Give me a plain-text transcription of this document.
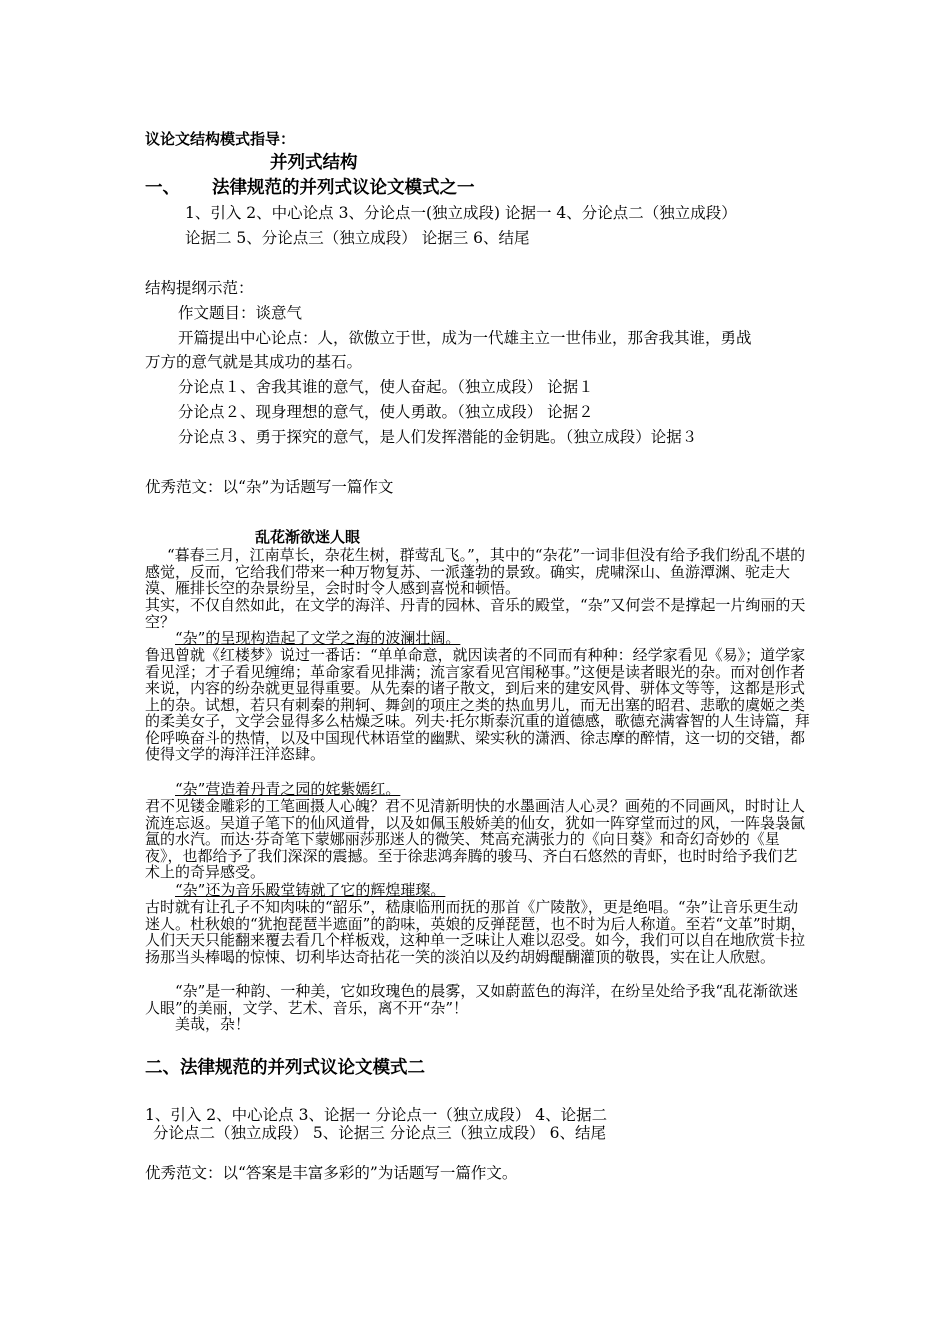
议论文结构模式指导：
并列式结构
一、 法律规范的并列式议论文模式之一
1、引入 2、中心论点 3、分论点一(独立成段) 论据一 4、分论点二（独立成段）
论据二 5、分论点三（独立成段） 论据三 6、结尾
结构提纲示范：
作文题目：谈意气
开篇提出中心论点：人，欲傲立于世，成为一代雄主立一世伟业，那舍我其谁，勇战
万方的意气就是其成功的基石。
分论点１、舍我其谁的意气，使人奋起。（独立成段） 论据１
分论点２、现身理想的意气，使人勇敢。（独立成段） 论据２
分论点３、勇于探究的意气，是人们发挥潜能的金钥匙。（独立成段）论据３
优秀范文：以“杂”为话题写一篇作文
乱花渐欲迷人眼
“暮春三月，江南草长，杂花生树，群莺乱飞。”，其中的“杂花”一词非但没有给予我们纷乱不堪的感觉，反而，它给我们带来一种万物复苏、一派蓬勃的景致。确实，虎啸深山、鱼游潭渊、驼走大漠、雁排长空的杂景纷呈，会时时令人感到喜悦和顿悟。
其实，不仅自然如此，在文学的海洋、丹青的园林、音乐的殿堂，“杂”又何尝不是撑起一片绚丽的天空？
“杂”的呈现构造起了文学之海的波澜壮阔。
鲁迅曾就《红楼梦》说过一番话：“单单命意，就因读者的不同而有种种：经学家看见《易》；道学家看见淫；才子看见缠绵；革命家看见排满；流言家看见宫闱秘事。”这便是读者眼光的杂。而对创作者来说，内容的纷杂就更显得重要。从先秦的诸子散文，到后来的建安风骨、骈体文等等，这都是形式上的杂。试想，若只有刺秦的荆轲、舞剑的项庄之类的热血男儿，而无出塞的昭君、悲歌的虞姬之类的柔美女子，文学会显得多么枯燥乏味。列夫·托尔斯泰沉重的道德感，歌德充满睿智的人生诗篇，拜伦呼唤奋斗的热情，以及中国现代林语堂的幽默、梁实秋的潇洒、徐志摩的醉情，这一切的交错，都使得文学的海洋汪洋恣肆。
“杂”营造着丹青之园的姹紫嫣红。
君不见镂金雕彩的工笔画摄人心魄？君不见清新明快的水墨画洁人心灵？画苑的不同画风，时时让人流连忘返。吴道子笔下的仙风道骨，以及如佩玉般娇美的仙女，犹如一阵穿堂而过的风，一阵袅袅氤氲的水汽。而达·芬奇笔下蒙娜丽莎那迷人的微笑、梵高充满张力的《向日葵》和奇幻奇妙的《星夜》，也都给予了我们深深的震撼。至于徐悲鸿奔腾的骏马、齐白石悠然的青虾，也时时给予我们艺术上的奇异感受。
“杂”还为音乐殿堂铸就了它的辉煌璀璨。
古时就有让孔子不知肉味的“韶乐”，嵇康临刑而抚的那首《广陵散》，更是绝唱。“杂”让音乐更生动迷人。杜秋娘的“犹抱琵琶半遮面”的韵味，英娘的反弹琵琶，也不时为后人称道。至若“文革”时期，人们天天只能翻来覆去看几个样板戏，这种单一乏味让人难以忍受。如今，我们可以自在地欣赏卡拉扬那当头棒喝的惊悚、切利毕达奇拈花一笑的淡泊以及约胡姆醍醐灌顶的敬畏，实在让人欣慰。
“杂”是一种韵、一种美，它如玫瑰色的晨雾，又如蔚蓝色的海洋，在纷呈处给予我“乱花渐欲迷人眼”的美丽，文学、艺术、音乐，离不开“杂”！
美哉，杂！
二、法律规范的并列式议论文模式二
1、引入 2、中心论点 3、论据一 分论点一（独立成段） 4、论据二
分论点二（独立成段） 5、论据三 分论点三（独立成段） 6、结尾
优秀范文：以“答案是丰富多彩的”为话题写一篇作文。
